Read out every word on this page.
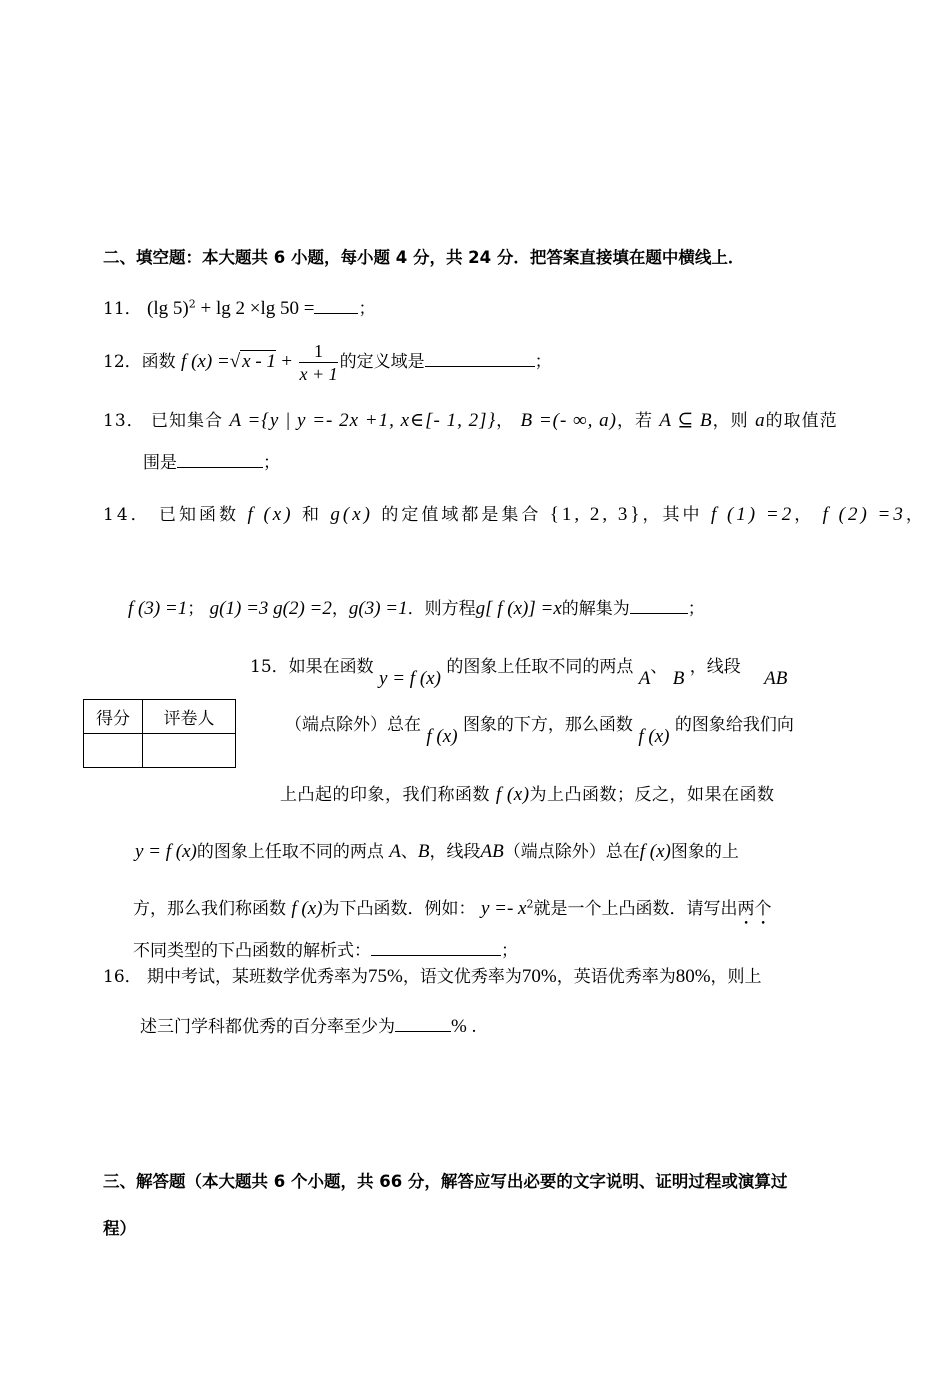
二、填空题：本大题共 6 小题，每小题 4 分，共 24 分．把答案直接填在题中横线上．
11． (lg 5)$^2$ + lg 2 ×lg 50 =	；
12．函数 f (x) =√ $x - 1 + \frac{1}{x + 1}$ 的定义域是	；
13． 已知集合 A ={y | y =- 2x +1, x∈[- 1, 2]}， B =(- ∞, a)，若 A ⊆ B，则 a的取值范
围是	；
14． 已知函数 f (x) 和 g(x) 的定值域都是集合 {1, 2, 3}，其中 f (1) =2， f (2) =3，
f (3) =1； g(1) =3 g(2) =2，g(3) =1．则方程g[ f (x)] =x的解集为	；
15．如果在函数 y = f (x) 的图象上任取不同的两点 A、 B ，线段 AB
得分	评卷人
		（端点除外）总在 f (x) 图象的下方，那么函数 f (x) 的图象给我们向
上凸起的印象，我们称函数 f (x)为上凸函数；反之，如果在函数
y = f (x)的图象上任取不同的两点 A、B，线段AB（端点除外）总在f (x)图象的上
方，那么我们称函数 f (x)为下凸函数．例如： $y =- x^2$就是一个上凸函数．请写出两个
不同类型的下凸函数的解析式：	；
16． 期中考试，某班数学优秀率为75%，语文优秀率为70%，英语优秀率为80%，则上
述三门学科都优秀的百分率至少为	% .
三、解答题（本大题共 6 个小题，共 66 分，解答应写出必要的文字说明、证明过程或演算过
程）
